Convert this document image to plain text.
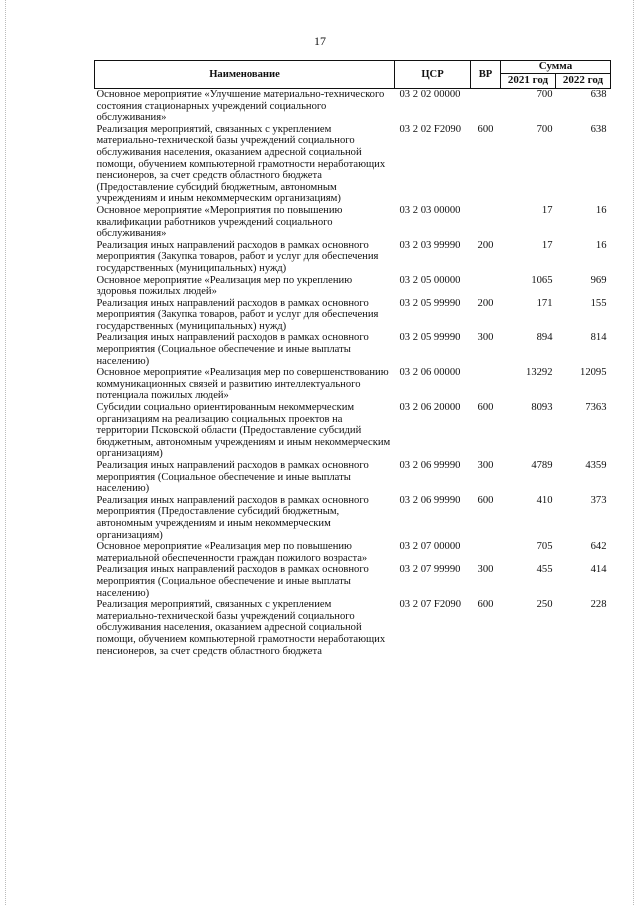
17
Наименование	ЦСР	ВР	Сумма	
			2021 год	2022 год
Основное мероприятие «Улучшение материально-технического состояния стационарных учреждений социального обслуживания»	03 2 02 00000		700	638
Реализация мероприятий, связанных с укреплением материально-технической базы учреждений социального обслуживания населения, оказанием адресной социальной помощи, обучением компьютерной грамотности неработающих пенсионеров, за счет средств областного бюджета (Предоставление субсидий бюджетным, автономным учреждениям и иным некоммерческим организациям)	03 2 02 F2090	600	700	638
Основное мероприятие «Мероприятия по повышению квалификации работников учреждений социального обслуживания»	03 2 03 00000		17	16
Реализация иных направлений расходов в рамках основного мероприятия (Закупка товаров, работ и услуг для обеспечения государственных (муниципальных) нужд)	03 2 03 99990	200	17	16
Основное мероприятие «Реализация мер по укреплению здоровья пожилых людей»	03 2 05 00000		1065	969
Реализация иных направлений расходов в рамках основного мероприятия (Закупка товаров, работ и услуг для обеспечения государственных (муниципальных) нужд)	03 2 05 99990	200	171	155
Реализация иных направлений расходов в рамках основного мероприятия (Социальное обеспечение и иные выплаты населению)	03 2 05 99990	300	894	814
Основное мероприятие «Реализация мер по совершенствованию коммуникационных связей и развитию интеллектуального потенциала пожилых людей»	03 2 06 00000		13292	12095
Субсидии социально ориентированным некоммерческим организациям на реализацию социальных проектов на территории Псковской области (Предоставление субсидий бюджетным, автономным учреждениям и иным некоммерческим организациям)	03 2 06 20000	600	8093	7363
Реализация иных направлений расходов в рамках основного мероприятия (Социальное обеспечение и иные выплаты населению)	03 2 06 99990	300	4789	4359
Реализация иных направлений расходов в рамках основного мероприятия (Предоставление субсидий бюджетным, автономным учреждениям и иным некоммерческим организациям)	03 2 06 99990	600	410	373
Основное мероприятие «Реализация мер по повышению материальной обеспеченности граждан пожилого возраста»	03 2 07 00000		705	642
Реализация иных направлений расходов в рамках основного мероприятия (Социальное обеспечение и иные выплаты населению)	03 2 07 99990	300	455	414
Реализация мероприятий, связанных с укреплением материально-технической базы учреждений социального обслуживания населения, оказанием адресной социальной помощи, обучением компьютерной грамотности неработающих пенсионеров, за счет средств областного бюджета	03 2 07 F2090	600	250	228
